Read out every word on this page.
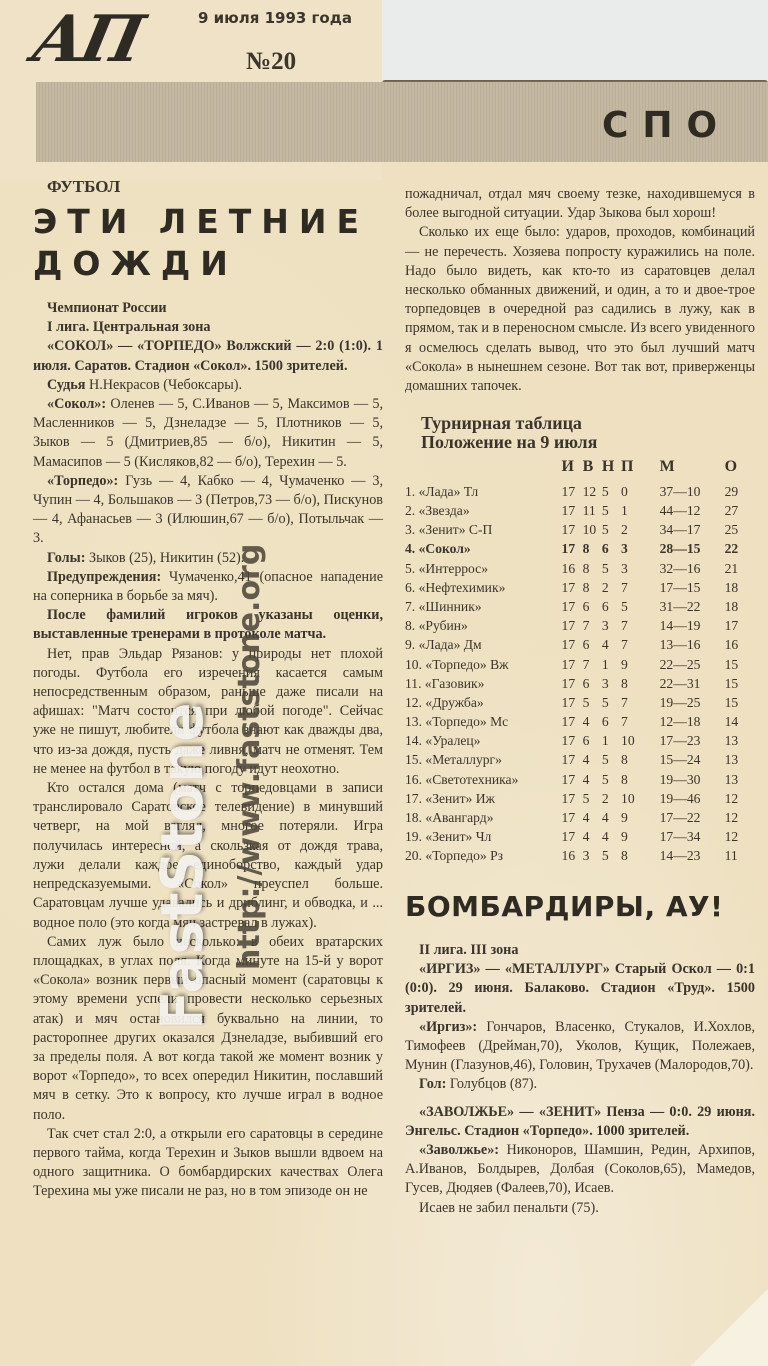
АП	9 июля 1993 года
№20
СПО
ФУТБОЛ
ЭТИ ЛЕТНИЕ
ДОЖДИ

Чемпионат России

I лига. Центральная зона

«СОКОЛ» — «ТОРПЕДО» Волжский — 2:0 (1:0). 1 июля. Саратов. Стадион «Сокол». 1500 зрителей.

Судья Н.Некрасов (Чебоксары).

«Сокол»: Оленев — 5, С.Иванов — 5, Максимов — 5, Масленников — 5, Дзнеладзе — 5, Плотников — 5, Зыков — 5 (Дмитриев,85 — б/о), Никитин — 5, Мамасипов — 5 (Кисляков,82 — б/о), Терехин — 5.

«Торпедо»: Гузь — 4, Кабко — 4, Чумаченко — 3, Чупин — 4, Большаков — 3 (Петров,73 — б/о), Пискунов — 4, Афанасьев — 3 (Илюшин,67 — б/о), Потыльчак — 3.

Голы: Зыков (25), Никитин (52).

Предупреждения: Чумаченко,41 (опасное нападение на соперника в борьбе за мяч).

После фамилий игроков указаны оценки, выставленные тренерами в протоколе матча.

Нет, прав Эльдар Рязанов: у природы нет плохой погоды. Футбола его изречения касается самым непосредственным образом, раньше даже писали на афишах: "Матч состоится при любой погоде". Сейчас уже не пишут, любители футбола знают как дважды два, что из-за дождя, пусть даже ливня, матч не отменят. Тем не менее на футбол в такую погоду идут неохотно.

Кто остался дома (матч с торпедовцами в записи транслировало Саратовское телевидение) в минувший четверг, на мой взгляд, многое потеряли. Игра получилась интересной, а скользкая от дождя трава, лужи делали каждое единоборство, каждый удар непредсказуемыми. «Сокол» преуспел больше. Саратовцам лучше удавались и дриблинг, и обводка, и ... водное поло (это когда мяч застревал в лужах).

Самих луж было несколько: в обеих вратарских площадках, в углах поля. Когда минуте на 15-й у ворот «Сокола» возник первый опасный момент (саратовцы к этому времени успели провести несколько серьезных атак) и мяч остановился буквально на линии, то расторопнее других оказался Дзнеладзе, выбивший его за пределы поля. А вот когда такой же момент возник у ворот «Торпедо», то всех опередил Никитин, пославший мяч в сетку. Это к вопросу, кто лучше играл в водное поло.

Так счет стал 2:0, а открыли его саратовцы в середине первого тайма, когда Терехин и Зыков вышли вдвоем на одного защитника. О бомбардирских качествах Олега Терехина мы уже писали не раз, но в том эпизоде он не

пожадничал, отдал мяч своему тезке, находившемуся в более выгодной ситуации. Удар Зыкова был хорош!

Сколько их еще было: ударов, проходов, комбинаций — не перечесть. Хозяева попросту куражились на поле. Надо было видеть, как кто-то из саратовцев делал несколько обманных движений, и один, а то и двое-трое торпедовцев в очередной раз садились в лужу, как в прямом, так и в переносном смысле. Из всего увиденного я осмелюсь сделать вывод, что это был лучший матч «Сокола» в нынешнем сезоне. Вот так вот, приверженцы домашних тапочек.

Турнирная таблица
Положение на 9 июля
	И	В	Н	П	М	О
1. «Лада» Тл	17	12	5	0	37—10	29
2. «Звезда»	17	11	5	1	44—12	27
3. «Зенит» С-П	17	10	5	2	34—17	25
4. «Сокол»	17	8	6	3	28—15	22
5. «Интеррос»	16	8	5	3	32—16	21
6. «Нефтехимик»	17	8	2	7	17—15	18
7. «Шинник»	17	6	6	5	31—22	18
8. «Рубин»	17	7	3	7	14—19	17
9. «Лада» Дм	17	6	4	7	13—16	16
10. «Торпедо» Вж	17	7	1	9	22—25	15
11. «Газовик»	17	6	3	8	22—31	15
12. «Дружба»	17	5	5	7	19—25	15
13. «Торпедо» Мс	17	4	6	7	12—18	14
14. «Уралец»	17	6	1	10	17—23	13
15. «Металлург»	17	4	5	8	15—24	13
16. «Светотехника»	17	4	5	8	19—30	13
17. «Зенит» Иж	17	5	2	10	19—46	12
18. «Авангард»	17	4	4	9	17—22	12
19. «Зенит» Чл	17	4	4	9	17—34	12
20. «Торпедо» Рз	16	3	5	8	14—23	11
БОМБАРДИРЫ, АУ!

II лига. III зона

«ИРГИЗ» — «МЕТАЛЛУРГ» Старый Оскол — 0:1 (0:0). 29 июня. Балаково. Стадион «Труд». 1500 зрителей.

«Иргиз»: Гончаров, Власенко, Стукалов, И.Хохлов, Тимофеев (Дрейман,70), Уколов, Кущик, Полежаев, Мунин (Глазунов,46), Головин, Трухачев (Малородов,70).

Гол: Голубцов (87).

«ЗАВОЛЖЬЕ» — «ЗЕНИТ» Пенза — 0:0. 29 июня. Энгельс. Стадион «Торпедо». 1000 зрителей.

«Заволжье»: Никоноров, Шамшин, Редин, Архипов, А.Иванов, Болдырев, Долбая (Соколов,65), Мамедов, Гусев, Дюдяев (Фалеев,70), Исаев.

Исаев не забил пенальти (75).

FastStone http://www.faststone.org
